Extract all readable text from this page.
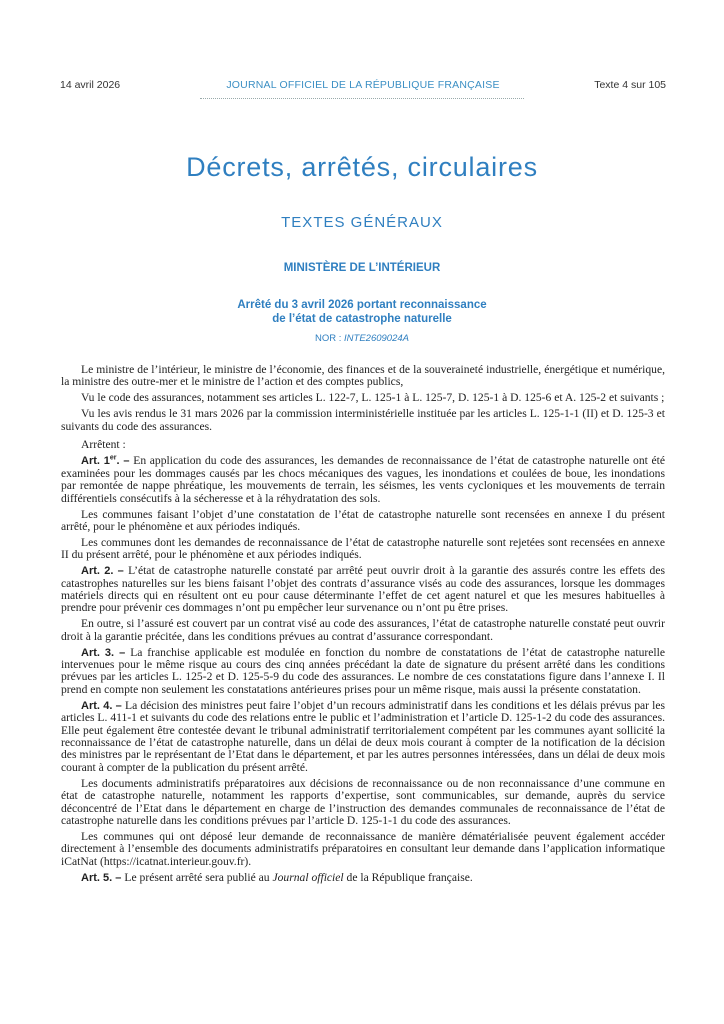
14 avril 2026	JOURNAL OFFICIEL DE LA RÉPUBLIQUE FRANÇAISE	Texte 4 sur 105
Décrets, arrêtés, circulaires
TEXTES GÉNÉRAUX
MINISTÈRE DE L’INTÉRIEUR
Arrêté du 3 avril 2026 portant reconnaissance
de l’état de catastrophe naturelle
NOR : INTE2609024A

Le ministre de l’intérieur, le ministre de l’économie, des finances et de la souveraineté industrielle, énergétique et numérique, la ministre des outre-mer et le ministre de l’action et des comptes publics,

Vu le code des assurances, notamment ses articles L. 122-7, L. 125-1 à L. 125-7, D. 125-1 à D. 125-6 et A. 125-2 et suivants ;

Vu les avis rendus le 31 mars 2026 par la commission interministérielle instituée par les articles L. 125-1-1 (II) et D. 125-3 et suivants du code des assurances.

Arrêtent :

Art. 1er. – En application du code des assurances, les demandes de reconnaissance de l’état de catastrophe naturelle ont été examinées pour les dommages causés par les chocs mécaniques des vagues, les inondations et coulées de boue, les inondations par remontée de nappe phréatique, les mouvements de terrain, les séismes, les vents cycloniques et les mouvements de terrain différentiels consécutifs à la sécheresse et à la réhydratation des sols.

Les communes faisant l’objet d’une constatation de l’état de catastrophe naturelle sont recensées en annexe I du présent arrêté, pour le phénomène et aux périodes indiqués.

Les communes dont les demandes de reconnaissance de l’état de catastrophe naturelle sont rejetées sont recensées en annexe II du présent arrêté, pour le phénomène et aux périodes indiqués.

Art. 2. – L’état de catastrophe naturelle constaté par arrêté peut ouvrir droit à la garantie des assurés contre les effets des catastrophes naturelles sur les biens faisant l’objet des contrats d’assurance visés au code des assurances, lorsque les dommages matériels directs qui en résultent ont eu pour cause déterminante l’effet de cet agent naturel et que les mesures habituelles à prendre pour prévenir ces dommages n’ont pu empêcher leur survenance ou n’ont pu être prises.

En outre, si l’assuré est couvert par un contrat visé au code des assurances, l’état de catastrophe naturelle constaté peut ouvrir droit à la garantie précitée, dans les conditions prévues au contrat d’assurance correspondant.

Art. 3. – La franchise applicable est modulée en fonction du nombre de constatations de l’état de catastrophe naturelle intervenues pour le même risque au cours des cinq années précédant la date de signature du présent arrêté dans les conditions prévues par les articles L. 125-2 et D. 125-5-9 du code des assurances. Le nombre de ces constatations figure dans l’annexe I. Il prend en compte non seulement les constatations antérieures prises pour un même risque, mais aussi la présente constatation.

Art. 4. – La décision des ministres peut faire l’objet d’un recours administratif dans les conditions et les délais prévus par les articles L. 411-1 et suivants du code des relations entre le public et l’administration et l’article D. 125-1-2 du code des assurances. Elle peut également être contestée devant le tribunal administratif territorialement compétent par les communes ayant sollicité la reconnaissance de l’état de catastrophe naturelle, dans un délai de deux mois courant à compter de la notification de la décision des ministres par le représentant de l’Etat dans le département, et par les autres personnes intéressées, dans un délai de deux mois courant à compter de la publication du présent arrêté.

Les documents administratifs préparatoires aux décisions de reconnaissance ou de non reconnaissance d’une commune en état de catastrophe naturelle, notamment les rapports d’expertise, sont communicables, sur demande, auprès du service déconcentré de l’Etat dans le département en charge de l’instruction des demandes communales de reconnaissance de l’état de catastrophe naturelle dans les conditions prévues par l’article D. 125-1-1 du code des assurances.

Les communes qui ont déposé leur demande de reconnaissance de manière dématérialisée peuvent également accéder directement à l’ensemble des documents administratifs préparatoires en consultant leur demande dans l’application informatique iCatNat (https://icatnat.interieur.gouv.fr).

Art. 5. – Le présent arrêté sera publié au Journal officiel de la République française.
